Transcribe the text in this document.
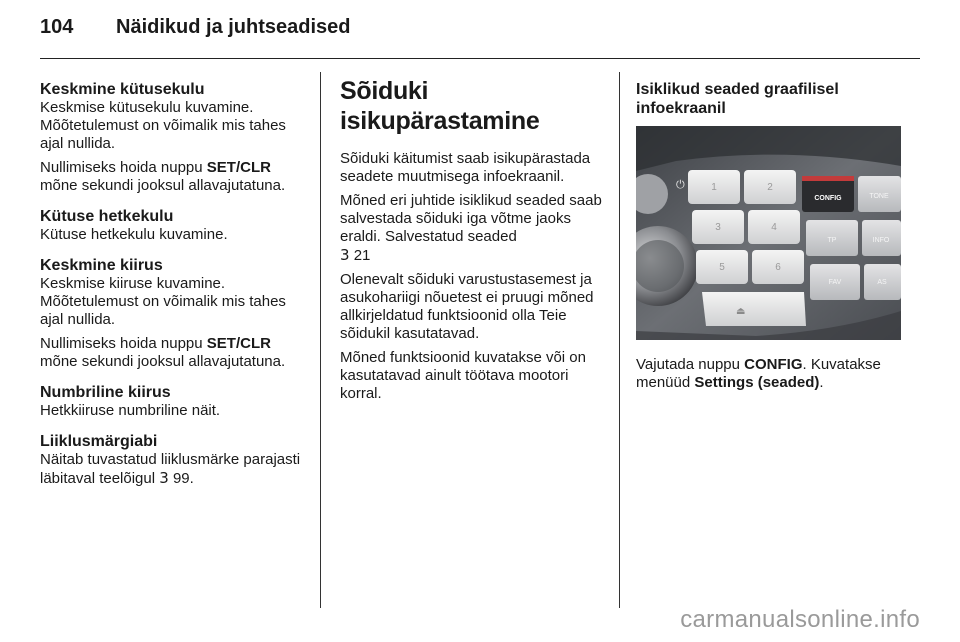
104 Näidikud ja juhtseadised
Keskmine kütusekulu

Keskmise kütusekulu kuvamine. Mõõtetulemust on võimalik mis tahes ajal nullida.

Nullimiseks hoida nuppu SET/CLR mõne sekundi jooksul allavajutatuna.

Kütuse hetkekulu

Kütuse hetkekulu kuvamine.

Keskmine kiirus

Keskmise kiiruse kuvamine. Mõõtetulemust on võimalik mis tahes ajal nullida.

Nullimiseks hoida nuppu SET/CLR mõne sekundi jooksul allavajutatuna.

Numbriline kiirus

Hetkkiiruse numbriline näit.

Liiklusmärgiabi

Näitab tuvastatud liiklusmärke parajasti läbitaval teelõigul 3 99.

Sõiduki isikupärastamine

Sõiduki käitumist saab isikupärastada seadete muutmisega infoekraanil.

Mõned eri juhtide isiklikud seaded saab salvestada sõiduki iga võtme jaoks eraldi. Salvestatud seaded
3 21

Olenevalt sõiduki varustustasemest ja asukohariigi nõuetest ei pruugi mõned allkirjeldatud funktsioonid olla Teie sõidukil kasutatavad.

Mõned funktsioonid kuvatakse või on kasutatavad ainult töötava mootori korral.

Isiklikud seaded graafilisel infoekraanil
⏻	1	2
3	4
5	6
⏏
CONFIG	TONE
TP	INFO
FAV	AS

Vajutada nuppu CONFIG. Kuvatakse menüüd Settings (seaded).

carmanualsonline.info
